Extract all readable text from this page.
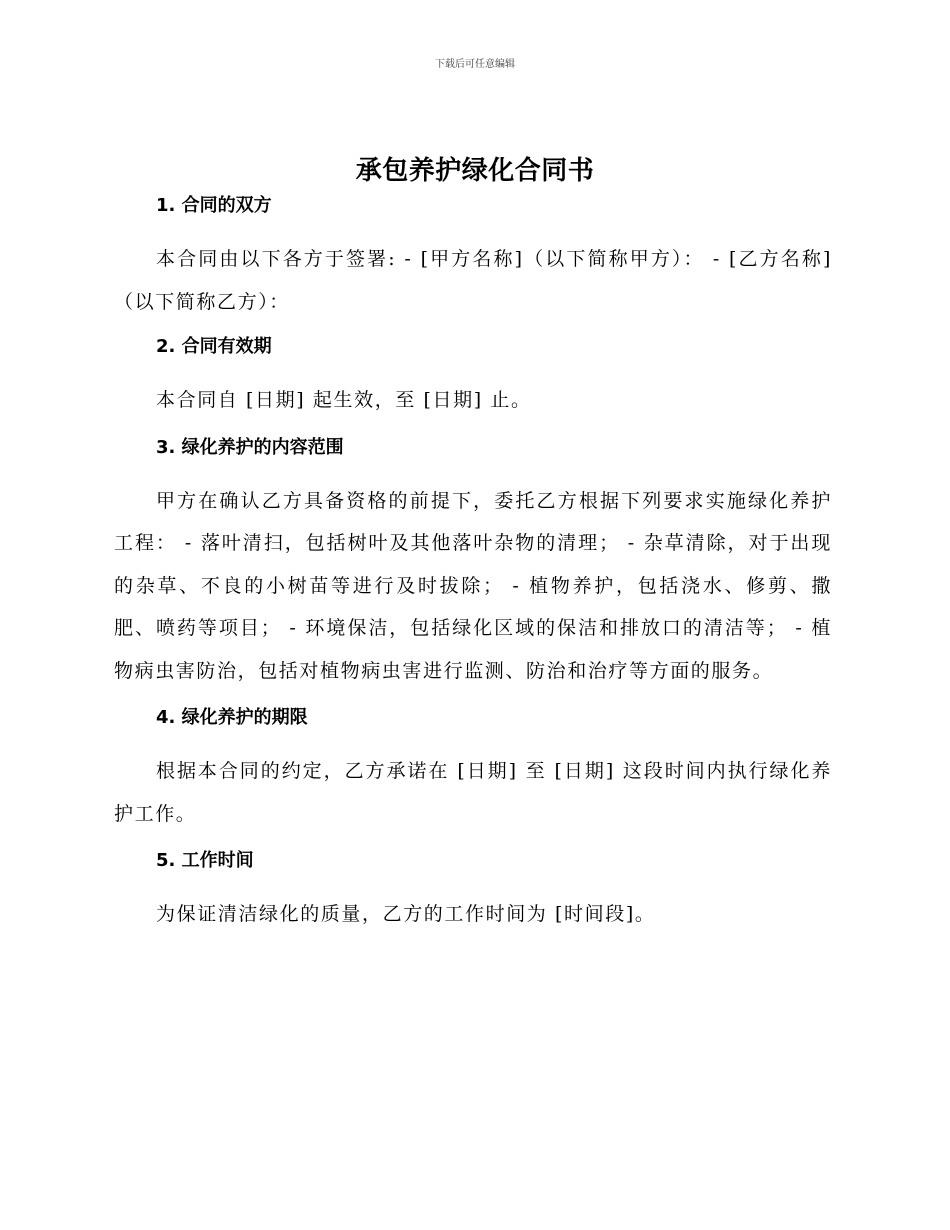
下载后可任意编辑
承包养护绿化合同书
1. 合同的双方

本合同由以下各方于签署: - [甲方名称]（以下简称甲方）： - [乙方名称]（以下简称乙方）：

2. 合同有效期

本合同自 [日期] 起生效，至 [日期] 止。

3. 绿化养护的内容范围

甲方在确认乙方具备资格的前提下，委托乙方根据下列要求实施绿化养护工程： - 落叶清扫，包括树叶及其他落叶杂物的清理； - 杂草清除，对于出现的杂草、不良的小树苗等进行及时拔除； - 植物养护，包括浇水、修剪、撒肥、喷药等项目； - 环境保洁，包括绿化区域的保洁和排放口的清洁等； - 植物病虫害防治，包括对植物病虫害进行监测、防治和治疗等方面的服务。

4. 绿化养护的期限

根据本合同的约定，乙方承诺在 [日期] 至 [日期] 这段时间内执行绿化养护工作。

5. 工作时间

为保证清洁绿化的质量，乙方的工作时间为 [时间段]。
